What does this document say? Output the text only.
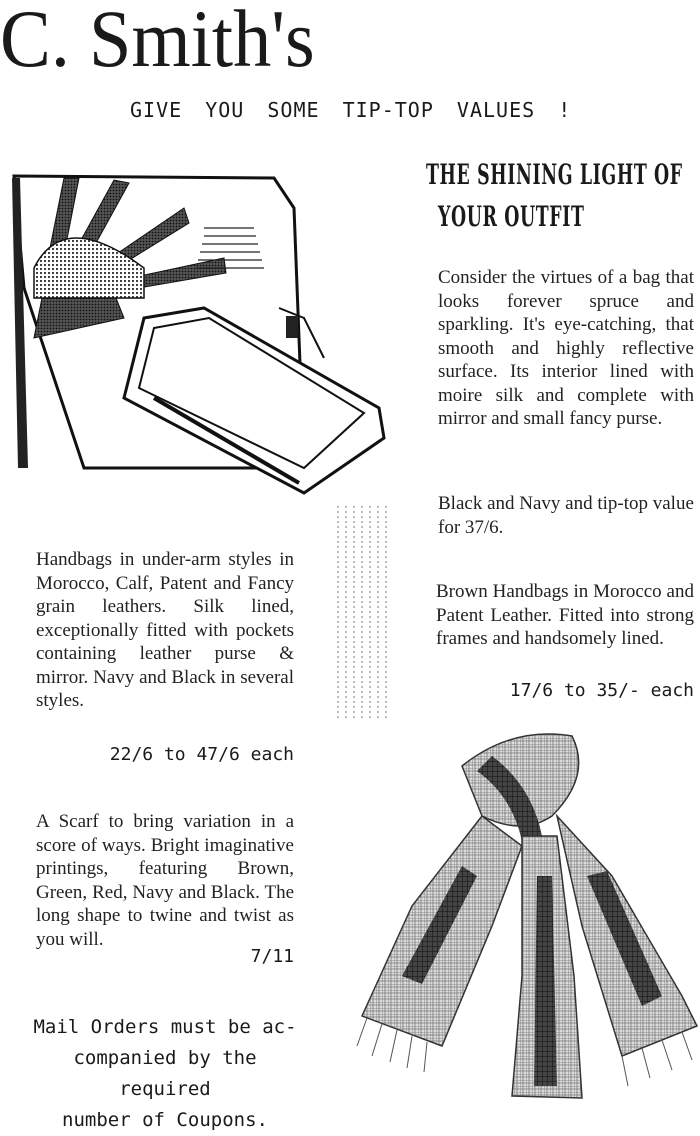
C. Smith's
GIVE YOU SOME TIP-TOP VALUES !
THE SHINING LIGHT OF
YOUR OUTFIT
Consider the virtues of a bag that looks forever spruce and sparkling. It's eye-catching, that smooth and highly reflective surface. Its interior lined with moire silk and complete with mirror and small fancy purse.
Black and Navy and tip-top value for 37/6.
Handbags in under-arm styles in Morocco, Calf, Patent and Fancy grain leathers. Silk lined, exceptionally fitted with pockets containing leather purse & mirror. Navy and Black in several styles.
22/6 to 47/6 each
Brown Handbags in Morocco and Patent Leather. Fitted into strong frames and handsomely lined.
17/6 to 35/- each
A Scarf to bring variation in a score of ways. Bright imaginative printings, featuring Brown, Green, Red, Navy and Black. The long shape to twine and twist as you will.
7/11
Mail Orders must be ac-
companied by the required
number of Coupons.
